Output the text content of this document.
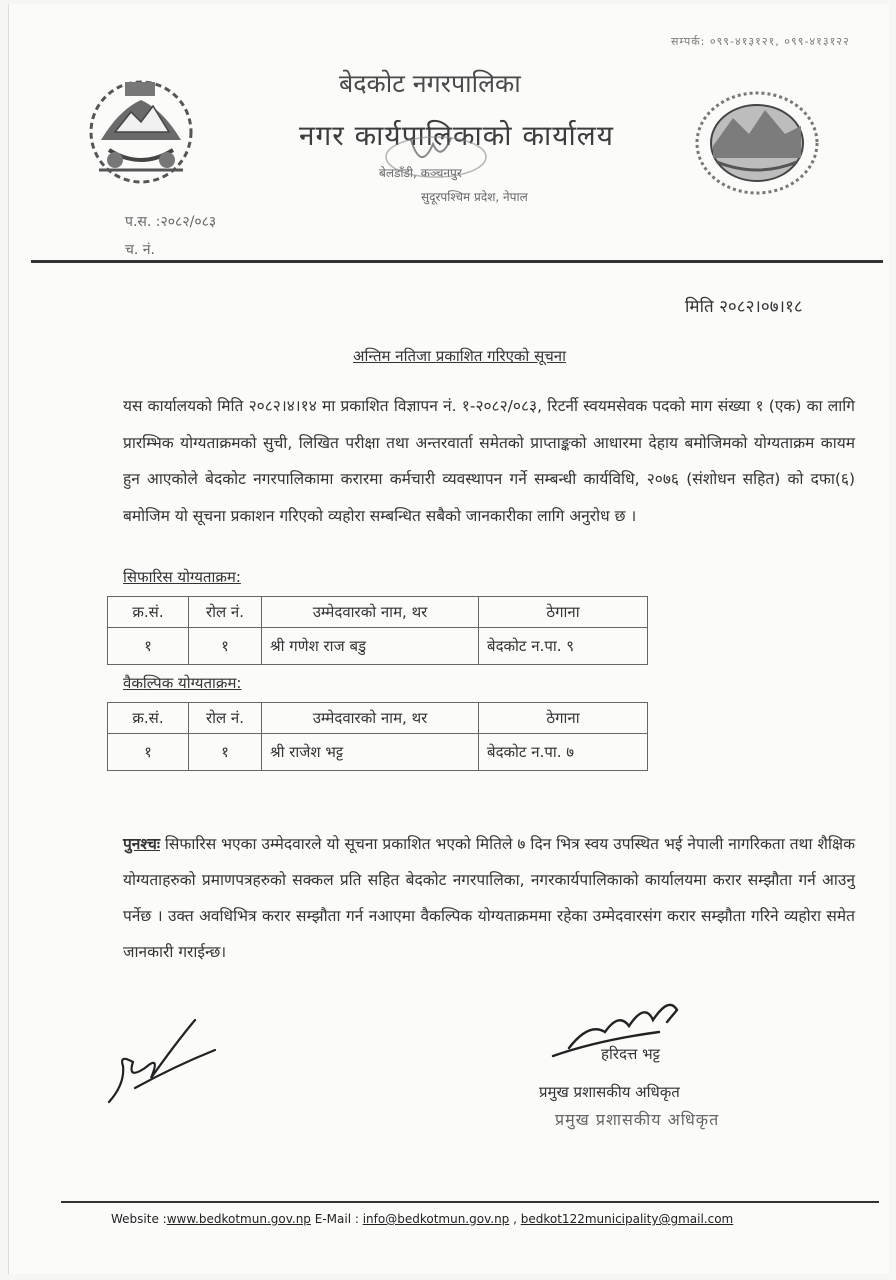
सम्पर्क: ०९९-४१३१२१, ०९९-४१३१२२
बेदकोट नगरपालिका
नगर कार्यपालिकाको कार्यालय
बेलडाँडी, कञ्चनपुर
सुदूरपश्चिम प्रदेश, नेपाल
प.स. :२०८२/०८३
च. नं.
मिति २०८२।०७।१८
अन्तिम नतिजा प्रकाशित गरिएको सूचना
यस कार्यालयको मिति २०८२।४।१४ मा प्रकाशित विज्ञापन नं. १-२०८२/०८३, रिटर्नी स्वयमसेवक पदको माग संख्या १ (एक) का लागि प्रारम्भिक योग्यताक्रमको सुची, लिखित परीक्षा तथा अन्तरवार्ता समेतको प्राप्ताङ्कको आधारमा देहाय बमोजिमको योग्यताक्रम कायम हुन आएकोले बेदकोट नगरपालिकामा करारमा कर्मचारी व्यवस्थापन गर्ने सम्बन्धी कार्यविधि, २०७६ (संशोधन सहित) को दफा(६) बमोजिम यो सूचना प्रकाशन गरिएको व्यहोरा सम्बन्धित सबैको जानकारीका लागि अनुरोध छ ।
सिफारिस योग्यताक्रम:
क्र.सं.	रोल नं.	उम्मेदवारको नाम, थर	ठेगाना
१	१	श्री गणेश राज बडु	बेदकोट न.पा. ९
वैकल्पिक योग्यताक्रम:
क्र.सं.	रोल नं.	उम्मेदवारको नाम, थर	ठेगाना
१	१	श्री राजेश भट्ट	बेदकोट न.पा. ७
पुनश्चः सिफारिस भएका उम्मेदवारले यो सूचना प्रकाशित भएको मितिले ७ दिन भित्र स्वय उपस्थित भई नेपाली नागरिकता तथा शैक्षिक योग्यताहरुको प्रमाणपत्रहरुको सक्कल प्रति सहित बेदकोट नगरपालिका, नगरकार्यपालिकाको कार्यालयमा करार सम्झौता गर्न आउनु पर्नेछ । उक्त अवधिभित्र करार सम्झौता गर्न नआएमा वैकल्पिक योग्यताक्रममा रहेका उम्मेदवारसंग करार सम्झौता गरिने व्यहोरा समेत जानकारी गराईन्छ।
हरिदत्त भट्ट
प्रमुख प्रशासकीय अधिकृत
प्रमुख प्रशासकीय अधिकृत
Website :www.bedkotmun.gov.np E-Mail : info@bedkotmun.gov.np , bedkot122municipality@gmail.com
